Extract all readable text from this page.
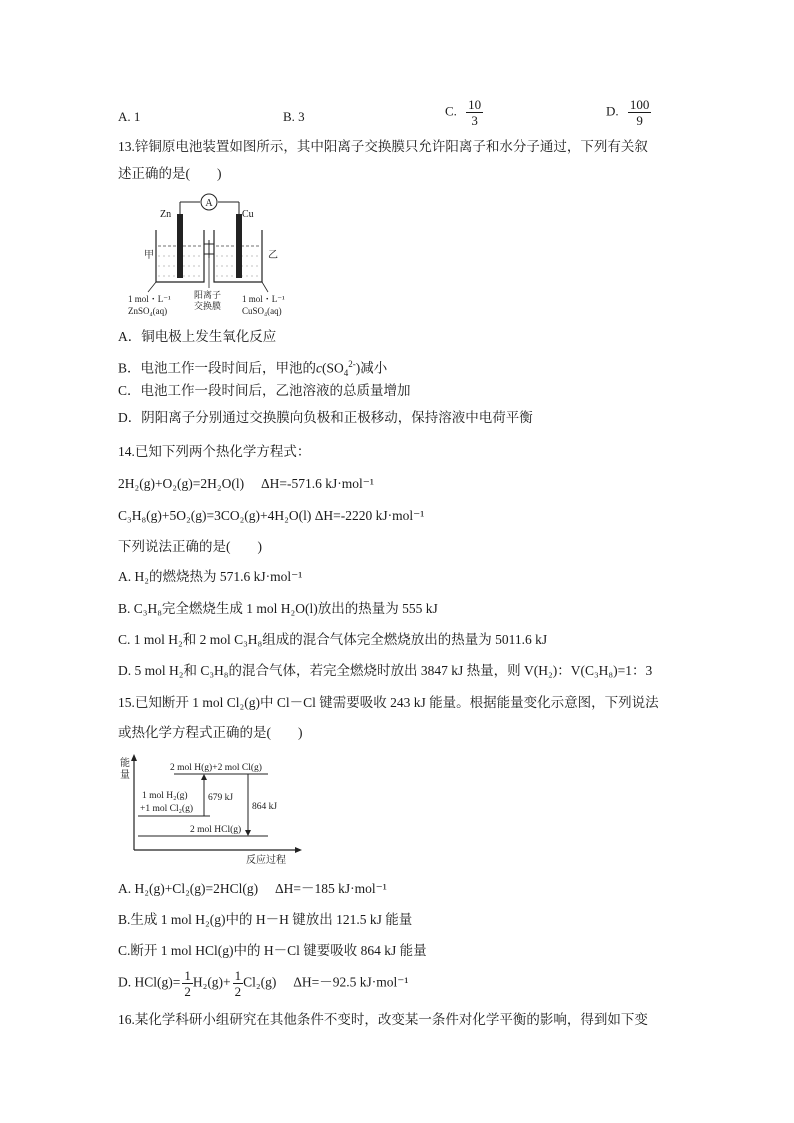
A. 1	B. 3	C. $\frac{10}{3}$	D. $\frac{100}{9}$
13.锌铜原电池装置如图所示，其中阳离子交换膜只允许阳离子和水分子通过，下列有关叙
述正确的是(　　)
A
Zn	Cu
甲	乙
1 mol・L⁻¹
ZnSO₄(aq)
阳离子
交换膜
1 mol・L⁻¹
CuSO₄(aq)
A．铜电极上发生氧化反应
B．电池工作一段时间后，甲池的$c(SO_4^{2-})$减小
C．电池工作一段时间后，乙池溶液的总质量增加
D．阴阳离子分别通过交换膜向负极和正极移动，保持溶液中电荷平衡
14.已知下列两个热化学方程式：
2H₂(g)+O₂(g)=2H₂O(l)　 ΔH=-571.6 kJ·mol⁻¹
C₃H₈(g)+5O₂(g)=3CO₂(g)+4H₂O(l) ΔH=-2220 kJ·mol⁻¹
下列说法正确的是(　　)
A. H₂的燃烧热为 571.6 kJ·mol⁻¹
B. C₃H₈完全燃烧生成 1 mol H₂O(l)放出的热量为 555 kJ
C. 1 mol H₂和 2 mol C₃H₈组成的混合气体完全燃烧放出的热量为 5011.6 kJ
D. 5 mol H₂和 C₃H₈的混合气体，若完全燃烧时放出 3847 kJ 热量，则 V(H₂)：V(C₃H₈)=1：3
15.已知断开 1 mol Cl₂(g)中 Cl－Cl 键需要吸收 243 kJ 能量。根据能量变化示意图，下列说法
或热化学方程式正确的是(　　)
能
量
反应过程
2 mol H(g)+2 mol Cl(g)
1 mol H₂(g)
+1 mol Cl₂(g)
2 mol HCl(g)
679 kJ
864 kJ
A. H₂(g)+Cl₂(g)=2HCl(g)　 ΔH=－185 kJ·mol⁻¹
B.生成 1 mol H₂(g)中的 H－H 键放出 121.5 kJ 能量
C.断开 1 mol HCl(g)中的 H－Cl 键要吸收 864 kJ 能量
D. $HCl(g)= \frac{1}{2} H_2(g)+ \frac{1}{2} Cl_2(g)$　 ΔH=－92.5 kJ·mol⁻¹
16.某化学科研小组研究在其他条件不变时，改变某一条件对化学平衡的影响，得到如下变
